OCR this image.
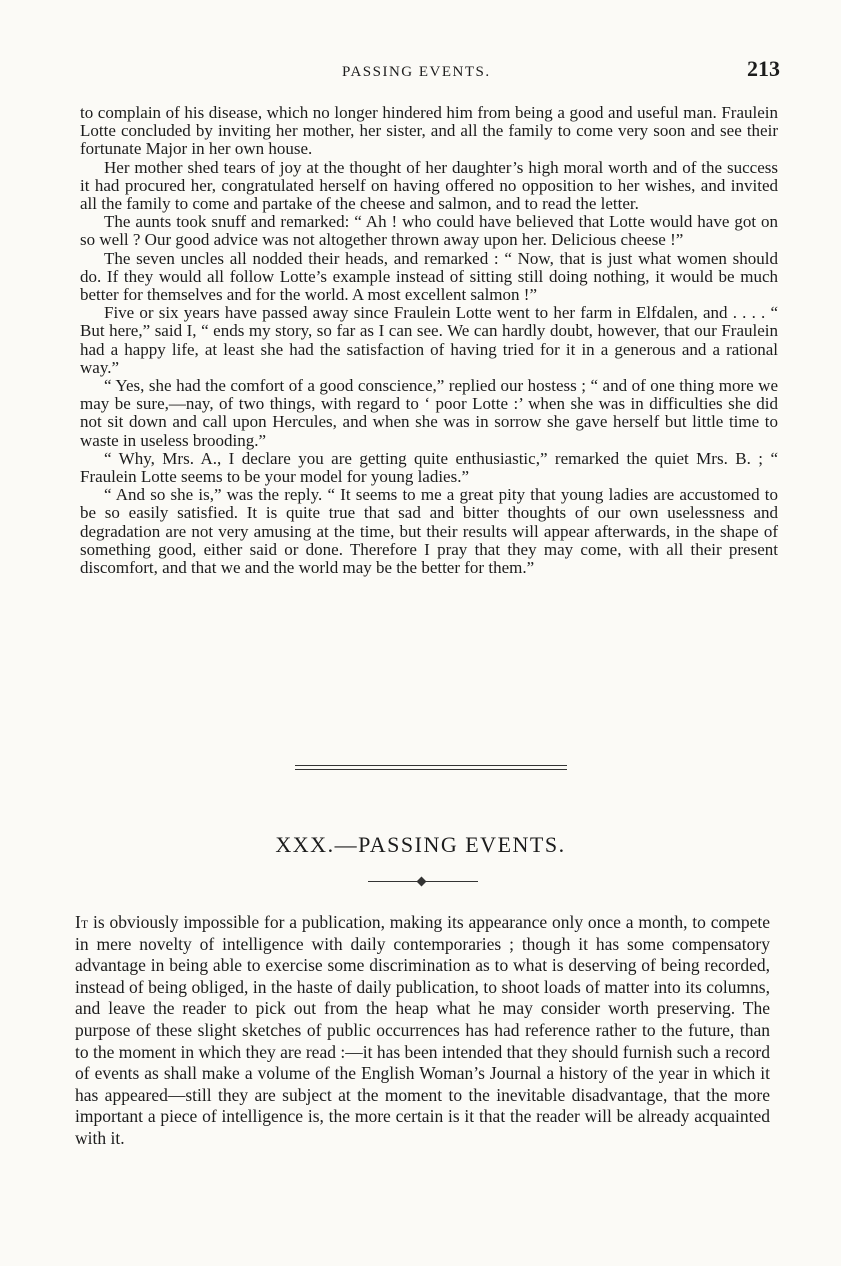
PASSING EVENTS.	213

to complain of his disease, which no longer hindered him from being a good and useful man. Fraulein Lotte concluded by inviting her mother, her sister, and all the family to come very soon and see their fortunate Major in her own house.

Her mother shed tears of joy at the thought of her daughter’s high moral worth and of the success it had procured her, congratulated herself on having offered no opposition to her wishes, and invited all the family to come and partake of the cheese and salmon, and to read the letter.

The aunts took snuff and remarked: “ Ah ! who could have believed that Lotte would have got on so well ? Our good advice was not altogether thrown away upon her. Delicious cheese !”

The seven uncles all nodded their heads, and remarked : “ Now, that is just what women should do. If they would all follow Lotte’s example instead of sitting still doing nothing, it would be much better for themselves and for the world. A most excellent salmon !”

Five or six years have passed away since Fraulein Lotte went to her farm in Elfdalen, and . . . . “ But here,” said I, “ ends my story, so far as I can see. We can hardly doubt, however, that our Fraulein had a happy life, at least she had the satisfaction of having tried for it in a generous and a rational way.”

“ Yes, she had the comfort of a good conscience,” replied our hostess ; “ and of one thing more we may be sure,—nay, of two things, with regard to ‘ poor Lotte :’ when she was in difficulties she did not sit down and call upon Hercules, and when she was in sorrow she gave herself but little time to waste in useless brooding.”

“ Why, Mrs. A., I declare you are getting quite enthusiastic,” remarked the quiet Mrs. B. ; “ Fraulein Lotte seems to be your model for young ladies.”

“ And so she is,” was the reply. “ It seems to me a great pity that young ladies are accustomed to be so easily satisfied. It is quite true that sad and bitter thoughts of our own uselessness and degradation are not very amusing at the time, but their results will appear afterwards, in the shape of something good, either said or done. Therefore I pray that they may come, with all their present discomfort, and that we and the world may be the better for them.”

XXX.—PASSING EVENTS.

It is obviously impossible for a publication, making its appearance only once a month, to compete in mere novelty of intelligence with daily contemporaries ; though it has some compensatory advantage in being able to exercise some discrimination as to what is deserving of being recorded, instead of being obliged, in the haste of daily publication, to shoot loads of matter into its columns, and leave the reader to pick out from the heap what he may consider worth preserving. The purpose of these slight sketches of public occurrences has had reference rather to the future, than to the moment in which they are read :—it has been intended that they should furnish such a record of events as shall make a volume of the English Woman’s Journal a history of the year in which it has appeared—still they are subject at the moment to the inevitable disadvantage, that the more important a piece of intelligence is, the more certain is it that the reader will be already acquainted with it.
